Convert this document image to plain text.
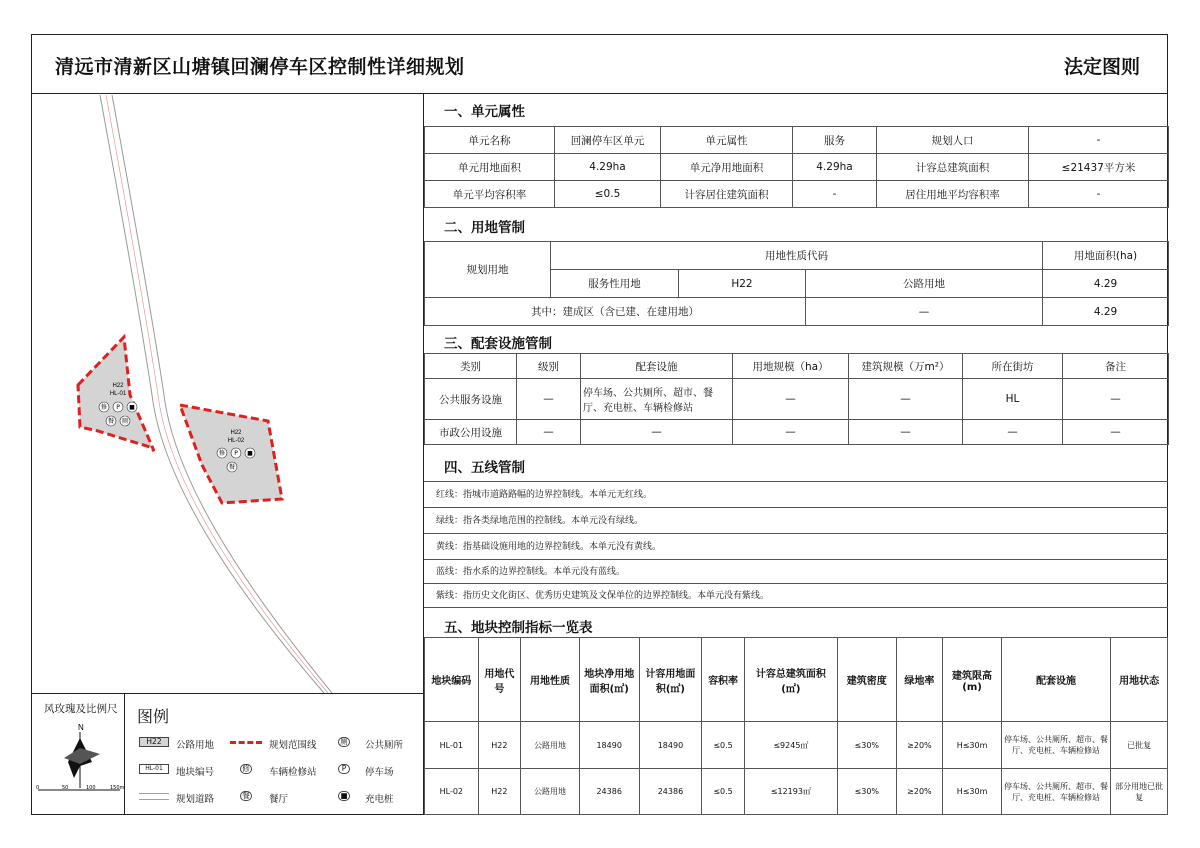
清远市清新区山塘镇回澜停车区控制性详细规划	法定图则
H22
HL-01
H22
HL-02
修 P ■
餐 厕
修 P ■
餐
风玫瑰及比例尺
N
0	50	100	150m
图例
H22	公路用地	规划范围线	厕 公共厕所
HL-01	地块编号	修 车辆检修站	P	停车场
规划道路	餐 餐厅	■ 充电桩
一、单元属性
单元名称	回澜停车区单元	单元属性	服务	规划人口	-
单元用地面积	4.29ha	单元净用地面积	4.29ha	计容总建筑面积	≤21437平方米
单元平均容积率	≤0.5	计容居住建筑面积	-	居住用地平均容积率	-
二、用地管制
规划用地	用地性质代码			用地面积(ha)
	服务性用地	H22	公路用地	4.29
其中：建成区（含已建、在建用地）			—	4.29
三、配套设施管制
类别	级别	配套设施	用地规模（ha）	建筑规模（万m²）	所在街坊	备注
公共服务设施	—	停车场、公共厕所、超市、餐厅、充电桩、车辆检修站	—	—	HL	—
市政公用设施	—	—	—	—	—	—
四、五线管制
红线：指城市道路路幅的边界控制线。本单元无红线。
绿线：指各类绿地范围的控制线。本单元没有绿线。
黄线：指基础设施用地的边界控制线。本单元没有黄线。
蓝线：指水系的边界控制线。本单元没有蓝线。
紫线：指历史文化街区、优秀历史建筑及文保单位的边界控制线。本单元没有紫线。
五、地块控制指标一览表
地块编码	用地代号	用地性质	地块净用地面积(㎡)	计容用地面积(㎡)	容积率	计容总建筑面积(㎡)	建筑密度	绿地率	建筑限高(m)	配套设施	用地状态
HL-01	H22	公路用地	18490	18490	≤0.5	≤9245㎡	≤30%	≥20%	H≤30m	停车场、公共厕所、超市、餐厅、充电桩、车辆检修站	已批复
HL-02	H22	公路用地	24386	24386	≤0.5	≤12193㎡	≤30%	≥20%	H≤30m	停车场、公共厕所、超市、餐厅、充电桩、车辆检修站	部分用地已批复
